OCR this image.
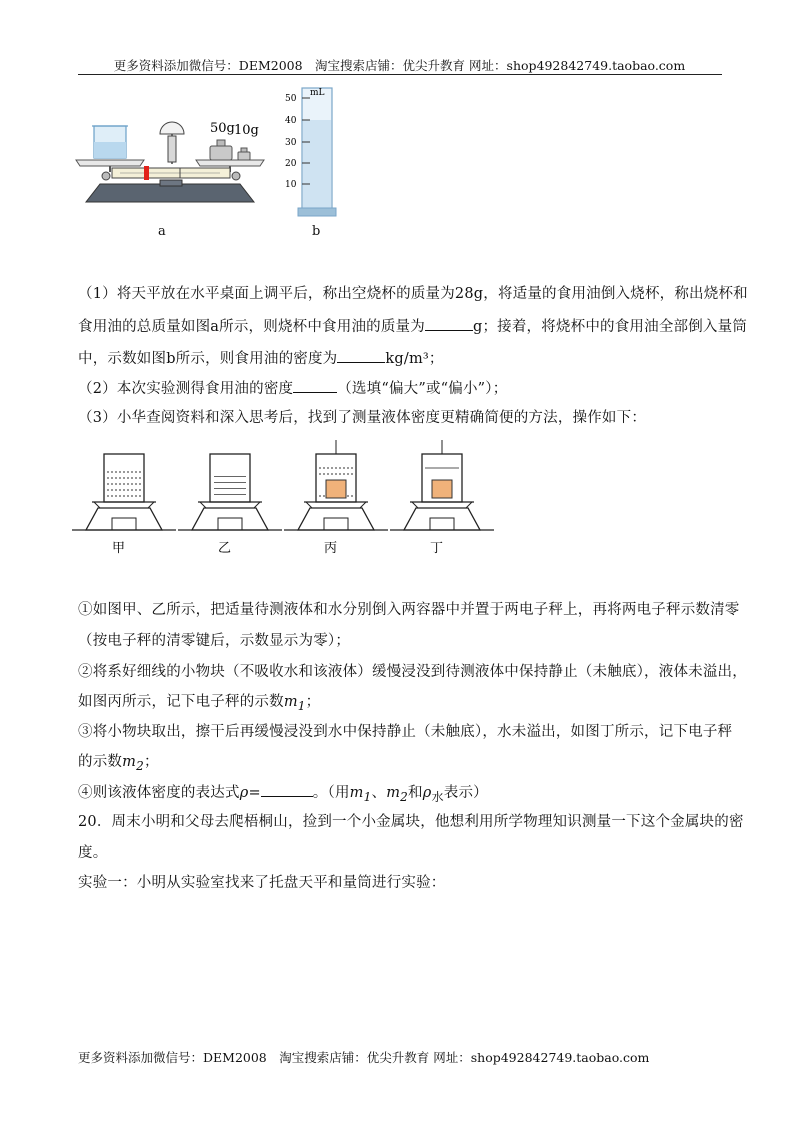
更多资料添加微信号：DEM2008　淘宝搜索店铺：优尖升教育 网址：shop492842749.taobao.com
50g 10g
a
mL
50
40
30
20
10
b
（1）将天平放在水平桌面上调平后，称出空烧杯的质量为28g，将适量的食用油倒入烧杯，称出烧杯和
食用油的总质量如图a所示，则烧杯中食用油的质量为	g；接着，将烧杯中的食用油全部倒入量筒
中，示数如图b所示，则食用油的密度为	kg/m³；
（2）本次实验测得食用油的密度	（选填“偏大”或“偏小”）；
（3）小华查阅资料和深入思考后，找到了测量液体密度更精确简便的方法，操作如下：
甲	乙	丙	丁
①如图甲、乙所示，把适量待测液体和水分别倒入两容器中并置于两电子秤上，再将两电子秤示数清零
（按电子秤的清零键后，示数显示为零）；
②将系好细线的小物块（不吸收水和该液体）缓慢浸没到待测液体中保持静止（未触底），液体未溢出，
如图丙所示，记下电子秤的示数$m_1$；
③将小物块取出，擦干后再缓慢浸没到水中保持静止（未触底），水未溢出，如图丁所示，记下电子秤
的示数$m_2$；
④则该液体密度的表达式ρ=	。（用$m_1$、$m_2$和$\rho_水$表示）
20．周末小明和父母去爬梧桐山，捡到一个小金属块，他想利用所学物理知识测量一下这个金属块的密
度。
实验一：小明从实验室找来了托盘天平和量筒进行实验：
更多资料添加微信号：DEM2008　淘宝搜索店铺：优尖升教育 网址：shop492842749.taobao.com
